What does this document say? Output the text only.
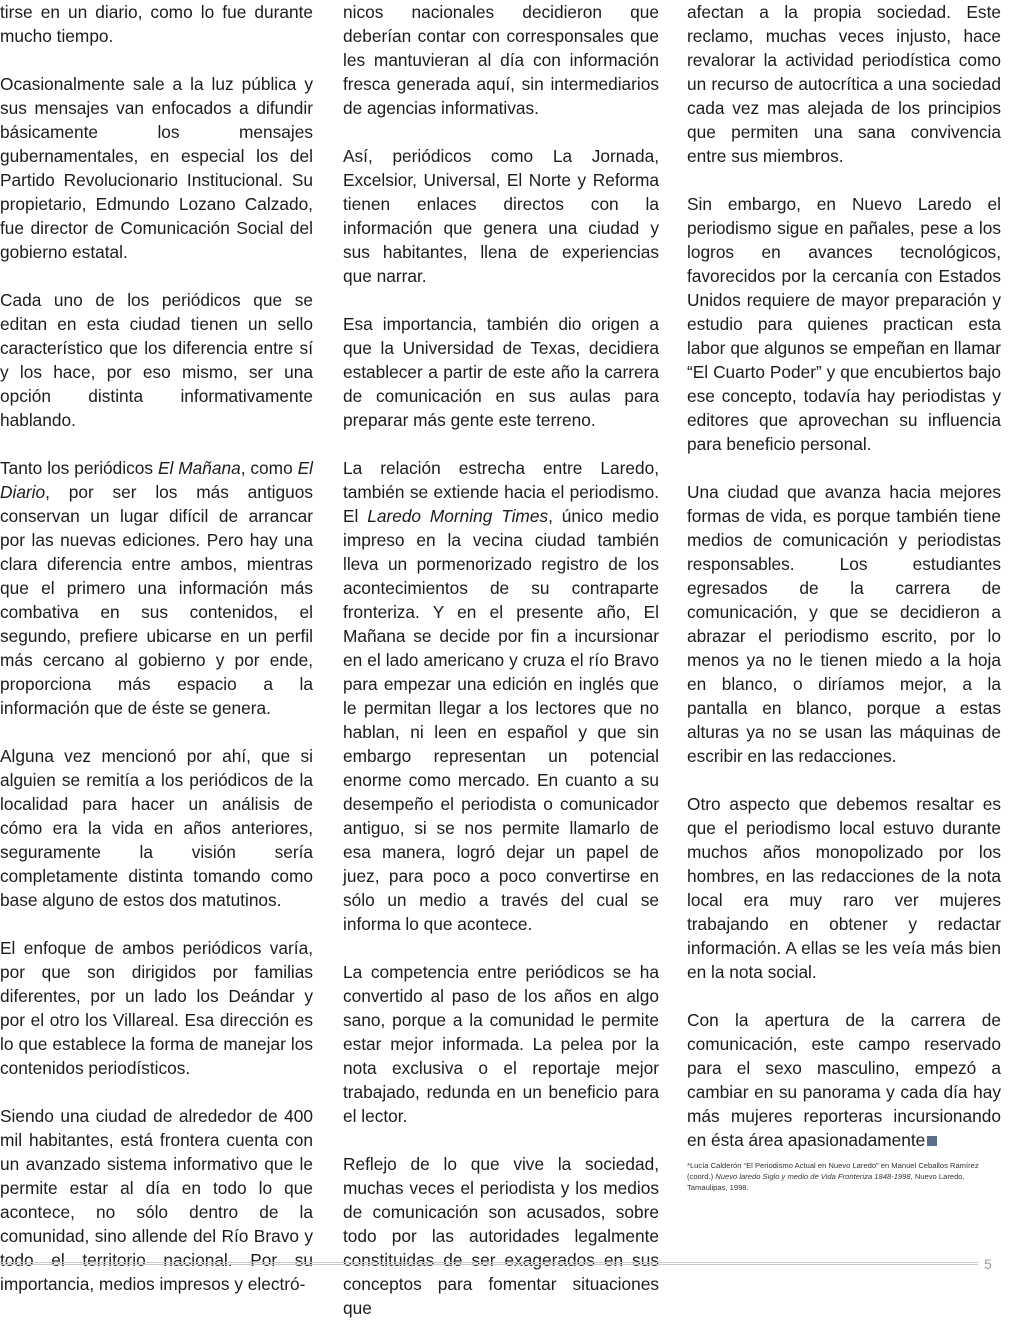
tirse en un diario, como lo fue durante mucho tiempo.

Ocasionalmente sale a la luz pública y sus mensajes van enfocados a difundir básicamente los mensajes gubernamentales, en especial los del Partido Revolucionario Institucional. Su propietario, Edmundo Lozano Calzado, fue director de Comunicación Social del gobierno estatal.

Cada uno de los periódicos que se editan en esta ciudad tienen un sello característico que los diferencia entre sí y los hace, por eso mismo, ser una opción distinta informativamente hablando.

Tanto los periódicos El Mañana, como El Diario, por ser los más antiguos conservan un lugar difícil de arrancar por las nuevas ediciones. Pero hay una clara diferencia entre ambos, mientras que el primero una información más combativa en sus contenidos, el segundo, prefiere ubicarse en un perfil más cercano al gobierno y por ende, proporciona más espacio a la información que de éste se genera.

Alguna vez mencionó por ahí, que si alguien se remitía a los periódicos de la localidad para hacer un análisis de cómo era la vida en años anteriores, seguramente la visión sería completamente distinta tomando como base alguno de estos dos matutinos.

El enfoque de ambos periódicos varía, por que son dirigidos por familias diferentes, por un lado los Deándar y por el otro los Villareal. Esa dirección es lo que establece la forma de manejar los contenidos periodísticos.

Siendo una ciudad de alrededor de 400 mil habitantes, está frontera cuenta con un avanzado sistema informativo que le permite estar al día en todo lo que acontece, no sólo dentro de la comunidad, sino allende del Río Bravo y todo el territorio nacional. Por su importancia, medios impresos y electró-

nicos nacionales decidieron que deberían contar con corresponsales que les mantuvieran al día con información fresca generada aquí, sin intermediarios de agencias informativas.

Así, periódicos como La Jornada, Excelsior, Universal, El Norte y Reforma tienen enlaces directos con la información que genera una ciudad y sus habitantes, llena de experiencias que narrar.

Esa importancia, también dio origen a que la Universidad de Texas, decidiera establecer a partir de este año la carrera de comunicación en sus aulas para preparar más gente este terreno.

La relación estrecha entre Laredo, también se extiende hacia el periodismo. El Laredo Morning Times, único medio impreso en la vecina ciudad también lleva un pormenorizado registro de los acontecimientos de su contraparte fronteriza. Y en el presente año, El Mañana se decide por fin a incursionar en el lado americano y cruza el río Bravo para empezar una edición en inglés que le permitan llegar a los lectores que no hablan, ni leen en español y que sin embargo representan un potencial enorme como mercado. En cuanto a su desempeño el periodista o comunicador antiguo, si se nos permite llamarlo de esa manera, logró dejar un papel de juez, para poco a poco convertirse en sólo un medio a través del cual se informa lo que acontece.

La competencia entre periódicos se ha convertido al paso de los años en algo sano, porque a la comunidad le permite estar mejor informada. La pelea por la nota exclusiva o el reportaje mejor trabajado, redunda en un beneficio para el lector.

Reflejo de lo que vive la sociedad, muchas veces el periodista y los medios de comunicación son acusados, sobre todo por las autoridades legalmente constituidas de ser exagerados en sus conceptos para fomentar situaciones que

afectan a la propia sociedad. Este reclamo, muchas veces injusto, hace revalorar la actividad periodística como un recurso de autocrítica a una sociedad cada vez mas alejada de los principios que permiten una sana convivencia entre sus miembros.

Sin embargo, en Nuevo Laredo el periodismo sigue en pañales, pese a los logros en avances tecnológicos, favorecidos por la cercanía con Estados Unidos requiere de mayor preparación y estudio para quienes practican esta labor que algunos se empeñan en llamar “El Cuarto Poder” y que encubiertos bajo ese concepto, todavía hay periodistas y editores que aprovechan su influencia para beneficio personal.

Una ciudad que avanza hacia mejores formas de vida, es porque también tiene medios de comunicación y periodistas responsables. Los estudiantes egresados de la carrera de comunicación, y que se decidieron a abrazar el periodismo escrito, por lo menos ya no le tienen miedo a la hoja en blanco, o diríamos mejor, a la pantalla en blanco, porque a estas alturas ya no se usan las máquinas de escribir en las redacciones.

Otro aspecto que debemos resaltar es que el periodismo local estuvo durante muchos años monopolizado por los hombres, en las redacciones de la nota local era muy raro ver mujeres trabajando en obtener y redactar información. A ellas se les veía más bien en la nota social.

Con la apertura de la carrera de comunicación, este campo reservado para el sexo masculino, empezó a cambiar en su panorama y cada día hay más mujeres reporteras incursionando en ésta área apasionadamente

*Lucía Calderón “El Periodismo Actual en Nuevo Laredo” en Manuel Ceballos Ramírez (coord.) Nuevo laredo Siglo y medio de Vida Fronteriza 1848-1998, Nuevo Laredo, Tamaulipas, 1998.
5
